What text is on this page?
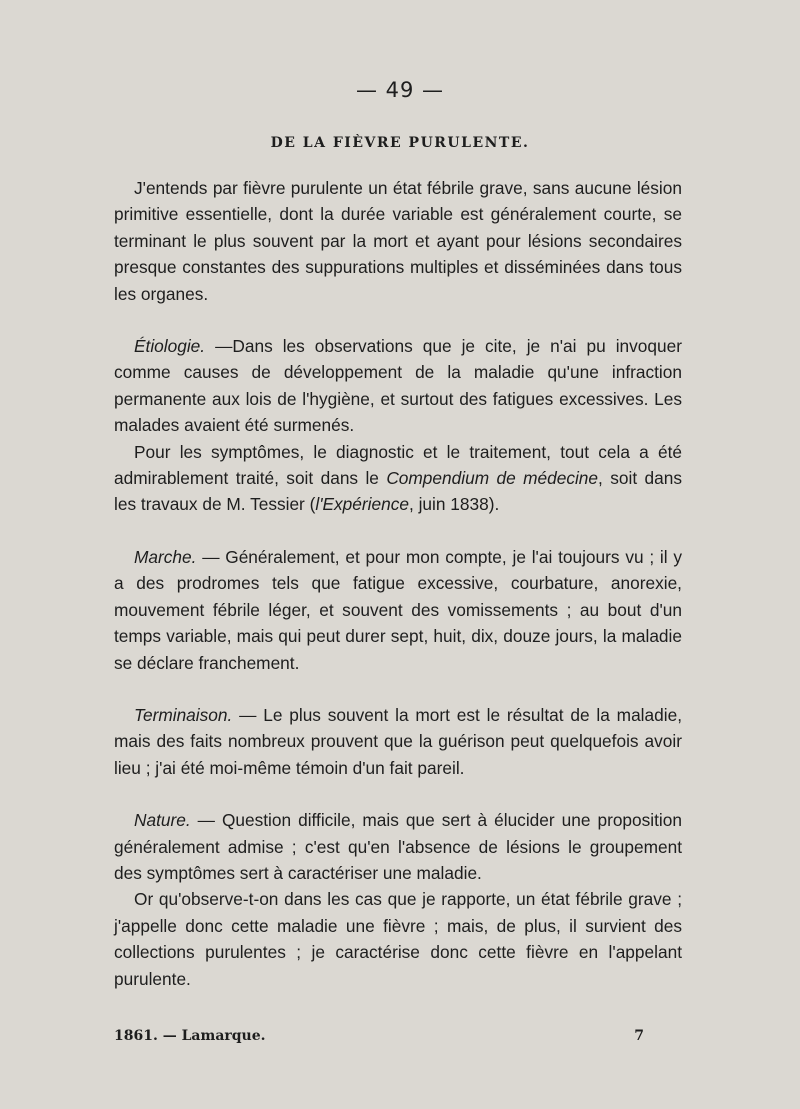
— 49 —
DE LA FIÈVRE PURULENTE.

J'entends par fièvre purulente un état fébrile grave, sans aucune lésion primitive essentielle, dont la durée variable est généralement courte, se terminant le plus souvent par la mort et ayant pour lésions secondaires presque constantes des suppurations multiples et disséminées dans tous les organes.

Étiologie. —Dans les observations que je cite, je n'ai pu invoquer comme causes de développement de la maladie qu'une infraction permanente aux lois de l'hygiène, et surtout des fatigues excessives. Les malades avaient été surmenés.

Pour les symptômes, le diagnostic et le traitement, tout cela a été admirablement traité, soit dans le Compendium de médecine, soit dans les travaux de M. Tessier (l'Expérience, juin 1838).

Marche. — Généralement, et pour mon compte, je l'ai toujours vu ; il y a des prodromes tels que fatigue excessive, courbature, anorexie, mouvement fébrile léger, et souvent des vomissements ; au bout d'un temps variable, mais qui peut durer sept, huit, dix, douze jours, la maladie se déclare franchement.

Terminaison. — Le plus souvent la mort est le résultat de la maladie, mais des faits nombreux prouvent que la guérison peut quelquefois avoir lieu ; j'ai été moi-même témoin d'un fait pareil.

Nature. — Question difficile, mais que sert à élucider une proposition généralement admise ; c'est qu'en l'absence de lésions le groupement des symptômes sert à caractériser une maladie.

Or qu'observe-t-on dans les cas que je rapporte, un état fébrile grave ; j'appelle donc cette maladie une fièvre ; mais, de plus, il survient des collections purulentes ; je caractérise donc cette fièvre en l'appelant purulente.

1861. — Lamarque.	7
